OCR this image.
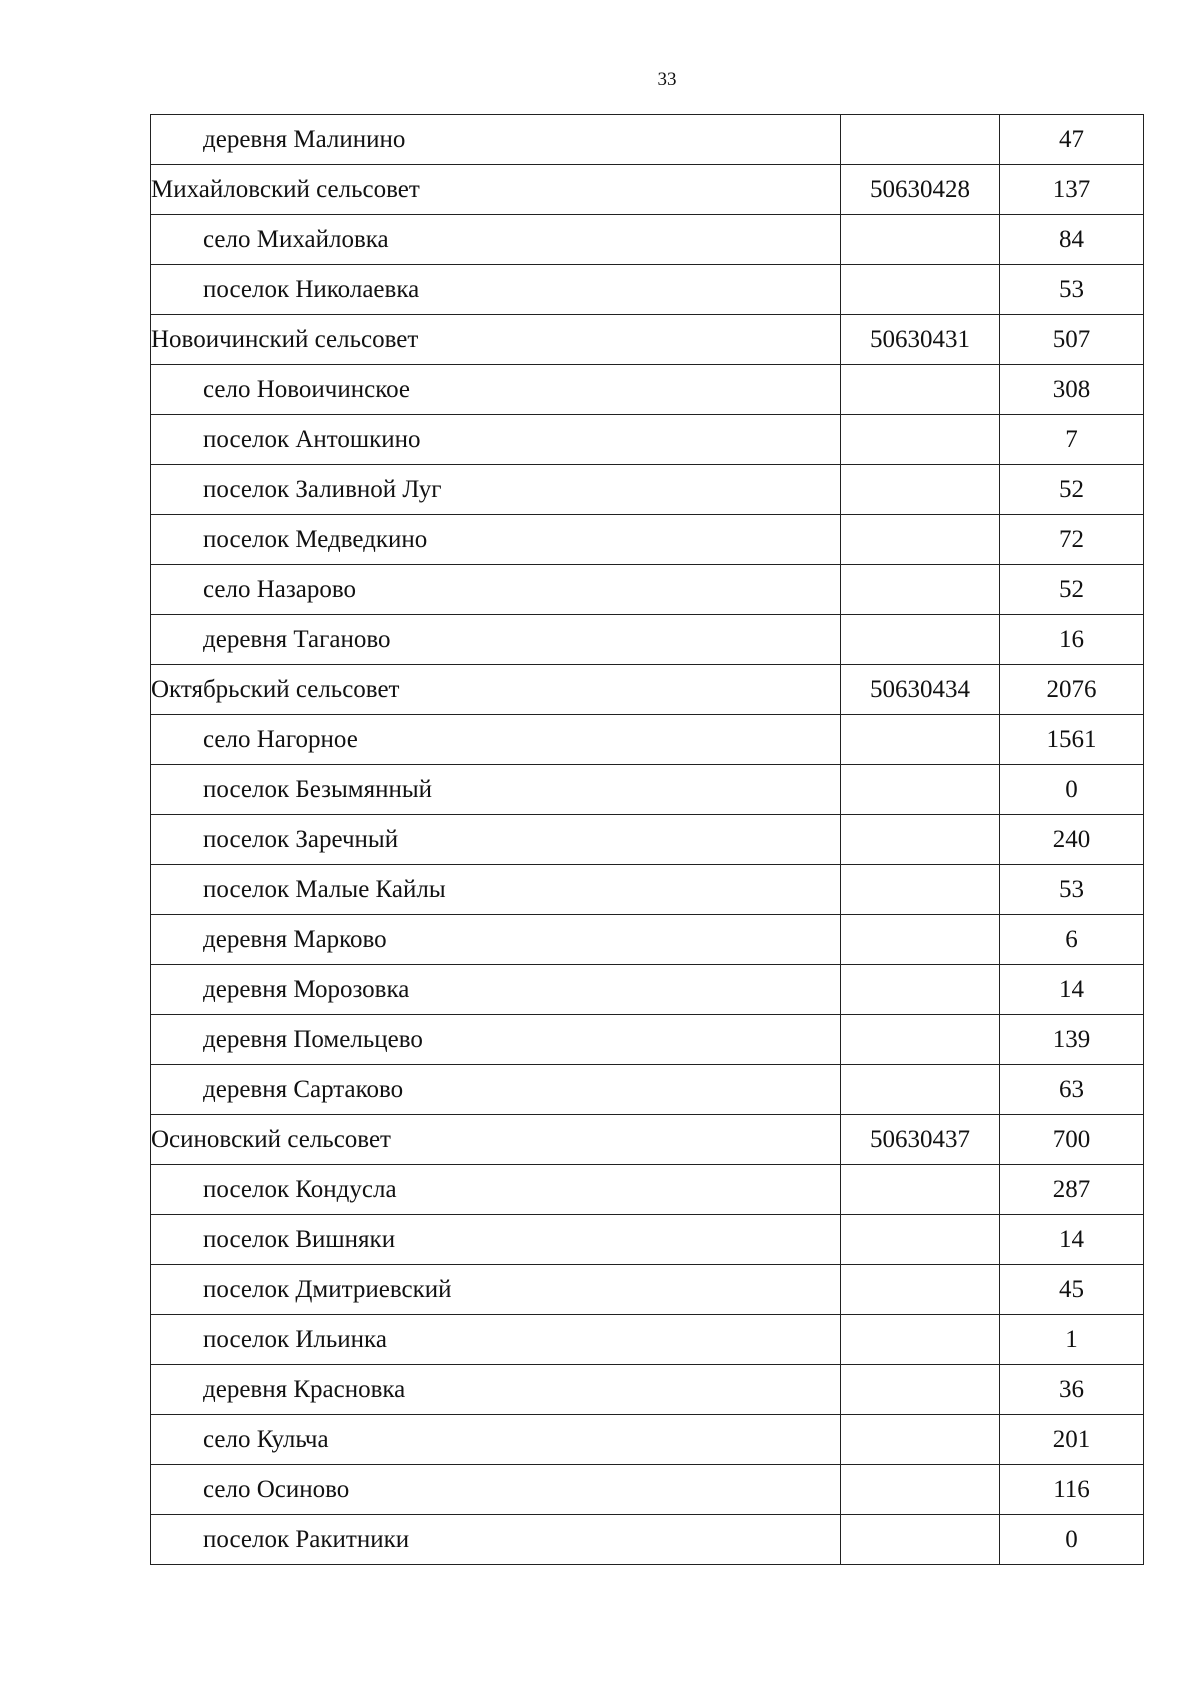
33
деревня Малинино		47
Михайловский сельсовет	50630428	137
село Михайловка		84
поселок Николаевка		53
Новоичинский сельсовет	50630431	507
село Новоичинское		308
поселок Антошкино		7
поселок Заливной Луг		52
поселок Медведкино		72
село Назарово		52
деревня Таганово		16
Октябрьский сельсовет	50630434	2076
село Нагорное		1561
поселок Безымянный		0
поселок Заречный		240
поселок Малые Кайлы		53
деревня Марково		6
деревня Морозовка		14
деревня Помельцево		139
деревня Сартаково		63
Осиновский сельсовет	50630437	700
поселок Кондусла		287
поселок Вишняки		14
поселок Дмитриевский		45
поселок Ильинка		1
деревня Красновка		36
село Кульча		201
село Осиново		116
поселок Ракитники		0
